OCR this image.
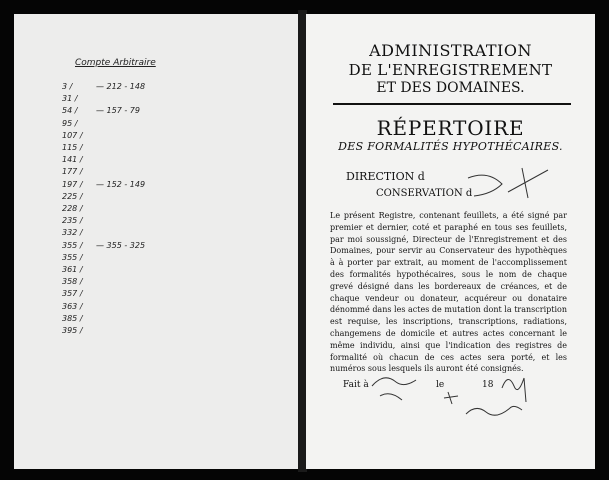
Compte Arbitraire
3 /	— 212 - 148
31 /
54 / — 157 - 79
95 /
107 /
115 /
141 /
177 /
197 / — 152 - 149
225 /
228 /
235 /
332 /
355 / — 355 - 325
355 /
361 /
358 /
357 /
363 /
385 /
395 /
ADMINISTRATION
DE L'ENREGISTREMENT
ET DES DOMAINES.
RÉPERTOIRE
DES FORMALITÉS HYPOTHÉCAIRES.
DIRECTION d
CONSERVATION d
Le présent Registre, contenant feuillets, a été signé par premier et dernier, coté et paraphé en tous ses feuillets, par moi soussigné, Directeur de l'Enregistrement et des Domaines, pour servir au Conservateur des hypothèques à à porter par extrait, au moment de l'accomplissement des formalités hypothécaires, sous le nom de chaque grevé désigné dans les bordereaux de créances, et de chaque vendeur ou donateur, acquéreur ou donataire dénommé dans les actes de mutation dont la transcription est requise, les inscriptions, transcriptions, radiations, changemens de domicile et autres actes concernant le même individu, ainsi que l'indication des registres de formalité où chacun de ces actes sera porté, et les numéros sous lesquels ils auront été consignés.
Fait à	le	18
